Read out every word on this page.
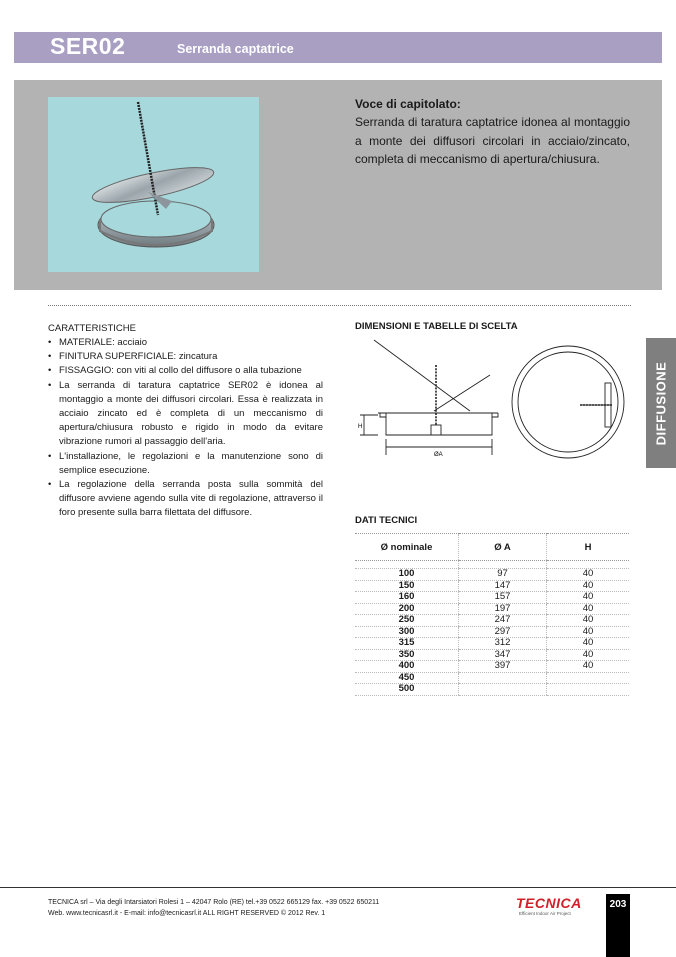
SER02	Serranda captatrice
Voce di capitolato:
Serranda di taratura captatrice idonea al montaggio a monte dei diffusori circolari in acciaio/zincato, completa di meccanismo di apertura/chiusura.
CARATTERISTICHE
• MATERIALE: acciaio
• FINITURA SUPERFICIALE: zincatura
• FISSAGGIO: con viti al collo del diffusore o alla tubazione
• La serranda di taratura captatrice SER02 è idonea al montaggio a monte dei diffusori circolari. Essa è realizzata in acciaio zincato ed è completa di un meccanismo di apertura/chiusura robusto e rigido in modo da evitare vibrazione rumori al passaggio dell'aria.
• L'installazione, le regolazioni e la manutenzione sono di semplice esecuzione.
• La regolazione della serranda posta sulla sommità del diffusore avviene agendo sulla vite di regolazione, attraverso il foro presente sulla barra filettata del diffusore.
DIMENSIONI E TABELLE DI SCELTA
H
ØA
DATI TECNICI
Ø nominale	Ø A	H

100	97	40
150	147	40
160	157	40
200	197	40
250	247	40
300	297	40
315	312	40
350	347	40
400	397	40
450		
500		
DIFFUSIONE
TECNICA srl – Via degli Intarsiatori Rolesi 1 – 42047 Rolo (RE) tel.+39 0522 665129 fax. +39 0522 650211
Web. www.tecnicasrl.it - E-mail: info@tecnicasrl.it ALL RIGHT RESERVED © 2012 Rev. 1
TECNICA
Efficient Indoor Air Project
203
